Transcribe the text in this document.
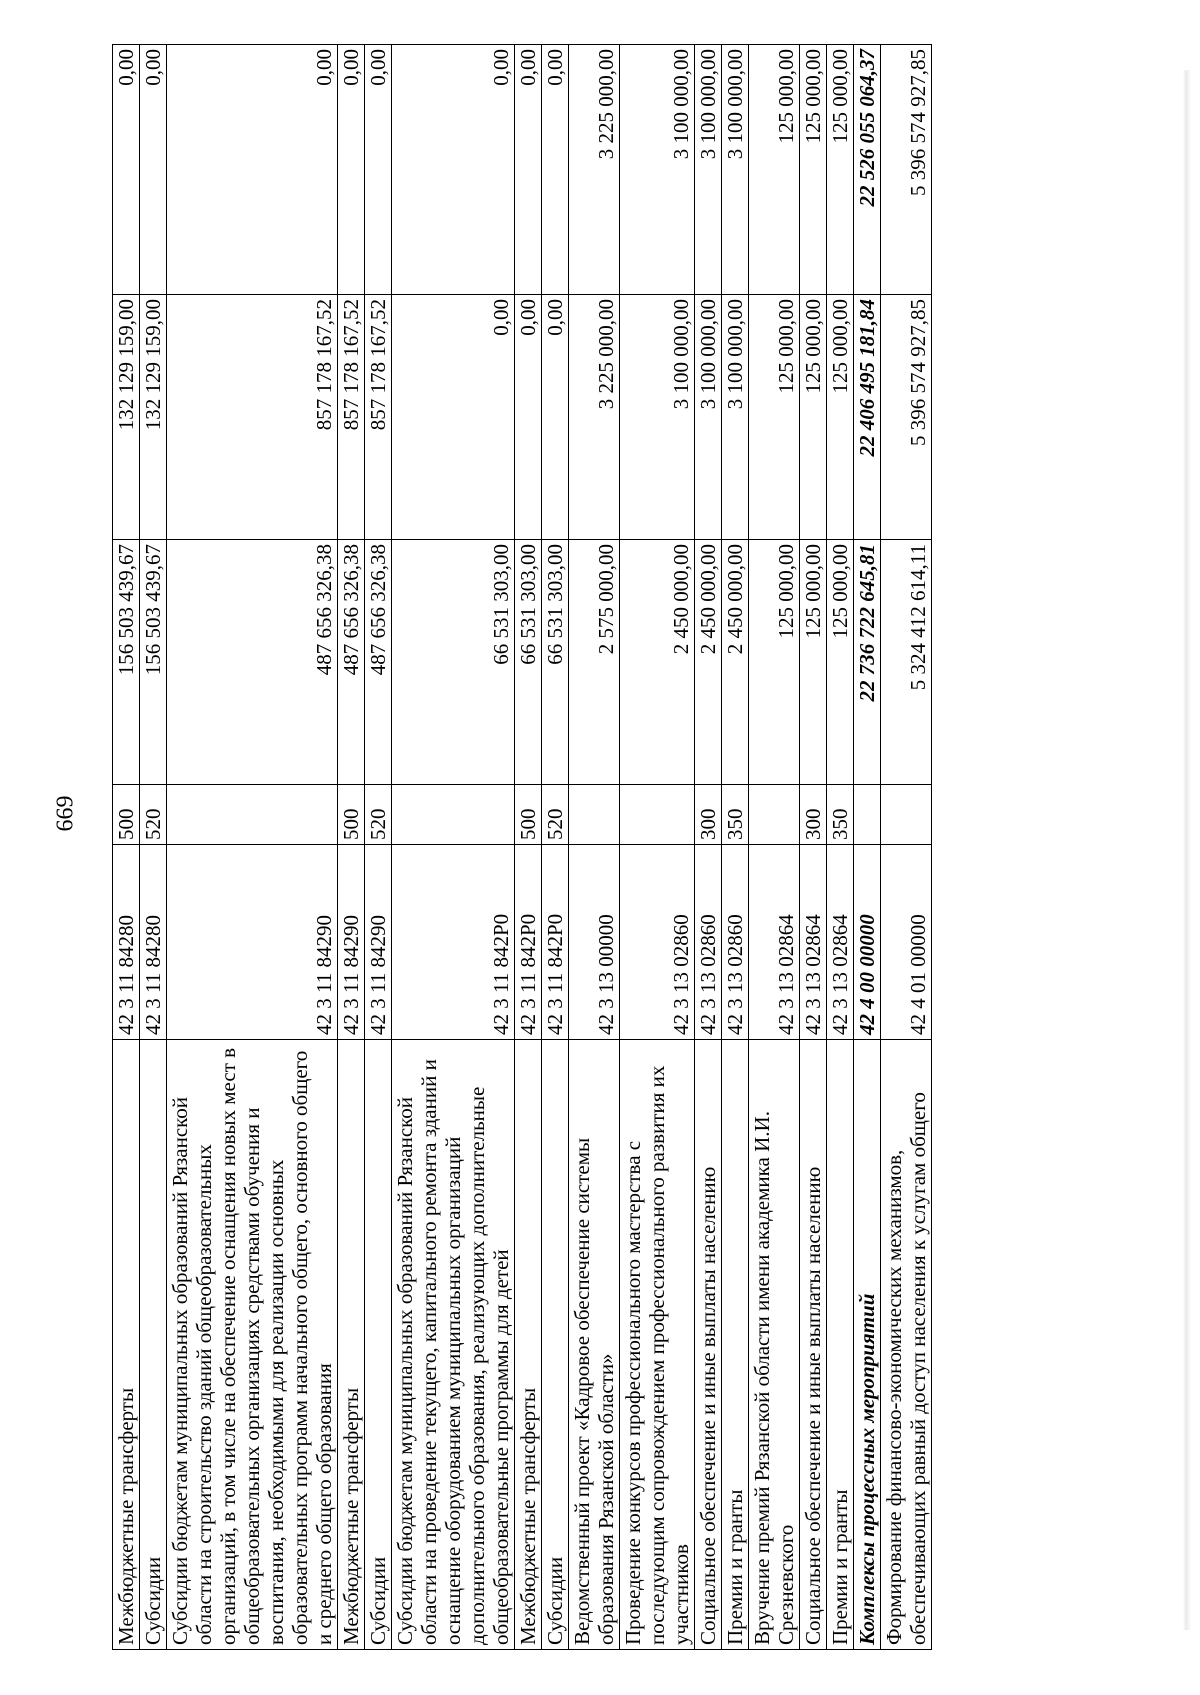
669
Межбюджетные трансферты	42 3 11 84280	500	156 503 439,67	132 129 159,00	0,00
Субсидии	42 3 11 84280	520	156 503 439,67	132 129 159,00	0,00
Субсидии бюджетам муниципальных образований Рязанской области на строительство зданий общеобразовательных организаций, в том числе на обеспечение оснащения новых мест в общеобразовательных организациях средствами обучения и воспитания, необходимыми для реализации основных образовательных программ начального общего, основного общего и среднего общего образования	42 3 11 84290		487 656 326,38	857 178 167,52	0,00
Межбюджетные трансферты	42 3 11 84290	500	487 656 326,38	857 178 167,52	0,00
Субсидии	42 3 11 84290	520	487 656 326,38	857 178 167,52	0,00
Субсидии бюджетам муниципальных образований Рязанской области на проведение текущего, капитального ремонта зданий и оснащение оборудованием муниципальных организаций дополнительного образования, реализующих дополнительные общеобразовательные программы для детей	42 3 11 842Р0		66 531 303,00	0,00	0,00
Межбюджетные трансферты	42 3 11 842Р0	500	66 531 303,00	0,00	0,00
Субсидии	42 3 11 842Р0	520	66 531 303,00	0,00	0,00
Ведомственный проект «Кадровое обеспечение системы образования Рязанской области»	42 3 13 00000		2 575 000,00	3 225 000,00	3 225 000,00
Проведение конкурсов профессионального мастерства с последующим сопровождением профессионального развития их участников	42 3 13 02860		2 450 000,00	3 100 000,00	3 100 000,00
Социальное обеспечение и иные выплаты населению	42 3 13 02860	300	2 450 000,00	3 100 000,00	3 100 000,00
Премии и гранты	42 3 13 02860	350	2 450 000,00	3 100 000,00	3 100 000,00
Вручение премий Рязанской области имени академика И.И. Срезневского	42 3 13 02864		125 000,00	125 000,00	125 000,00
Социальное обеспечение и иные выплаты населению	42 3 13 02864	300	125 000,00	125 000,00	125 000,00
Премии и гранты	42 3 13 02864	350	125 000,00	125 000,00	125 000,00
Комплексы процессных мероприятий	42 4 00 00000		22 736 722 645,81	22 406 495 181,84	22 526 055 064,37
Формирование финансово-экономических механизмов, обеспечивающих равный доступ населения к услугам общего	42 4 01 00000		5 324 412 614,11	5 396 574 927,85	5 396 574 927,85
